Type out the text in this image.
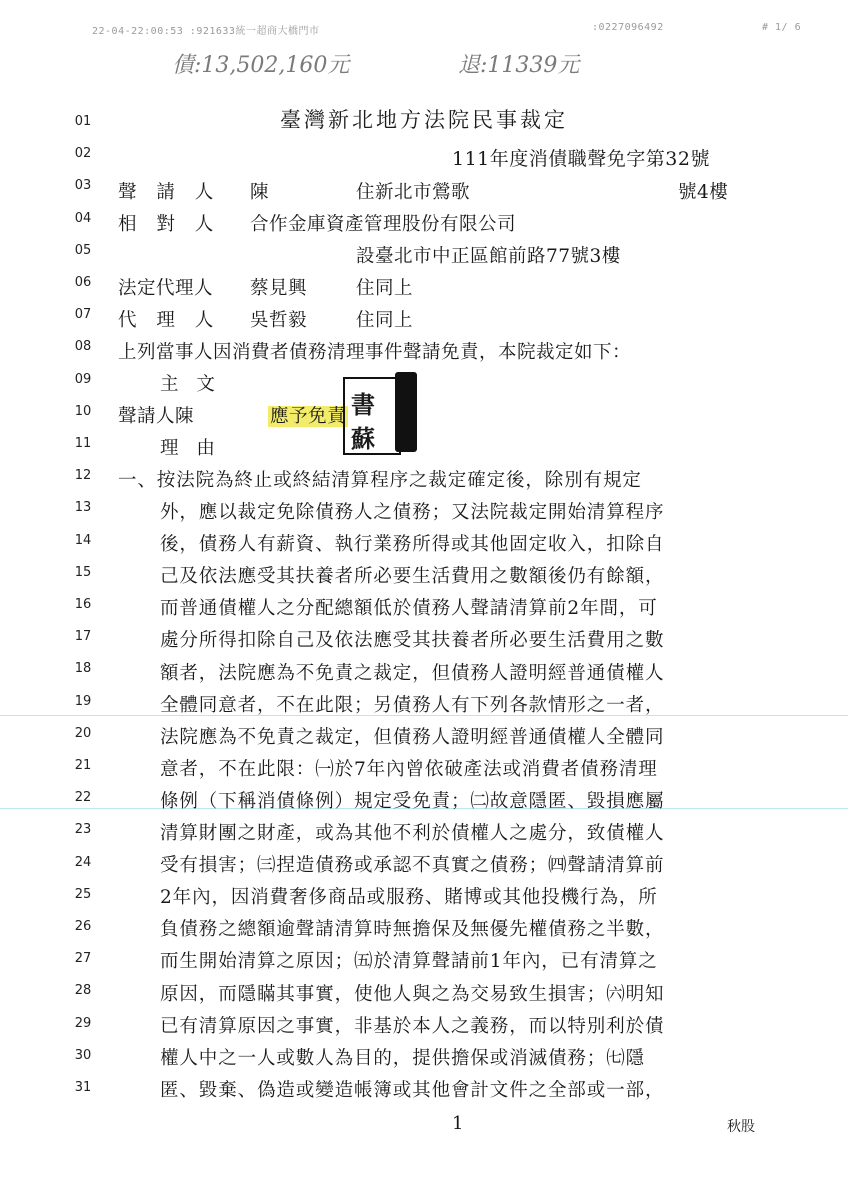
22-04-22:00:53 :921633統一超商大橋門市	:0227096492	# 1/ 6
債:13,502,160元	退:11339元
01
02
03
04
05
06
07
08
09
10
11
12
13
14
15
16
17
18
19
20
21
22
23
24
25
26
27
28
29
30
31
臺灣新北地方法院民事裁定
111年度消債職聲免字第32號
聲 請 人 陳	住新北市鶯歌	號4樓
相 對 人 合作金庫資產管理股份有限公司
設臺北市中正區館前路77號3樓
法定代理人 蔡見興	住同上
代 理 人 吳哲毅	住同上
上列當事人因消費者債務清理事件聲請免責，本院裁定如下：
主 文
聲請人陳	應予免責
理 由
書
蘇
一、按法院為終止或終結清算程序之裁定確定後，除別有規定
外，應以裁定免除債務人之債務；又法院裁定開始清算程序
後，債務人有薪資、執行業務所得或其他固定收入，扣除自
己及依法應受其扶養者所必要生活費用之數額後仍有餘額，
而普通債權人之分配總額低於債務人聲請清算前2年間，可
處分所得扣除自己及依法應受其扶養者所必要生活費用之數
額者，法院應為不免責之裁定，但債務人證明經普通債權人
全體同意者，不在此限；另債務人有下列各款情形之一者，
法院應為不免責之裁定，但債務人證明經普通債權人全體同
意者，不在此限：㈠於7年內曾依破產法或消費者債務清理
條例（下稱消債條例）規定受免責；㈡故意隱匿、毀損應屬
清算財團之財產，或為其他不利於債權人之處分，致債權人
受有損害；㈢捏造債務或承認不真實之債務；㈣聲請清算前
2年內，因消費奢侈商品或服務、賭博或其他投機行為，所
負債務之總額逾聲請清算時無擔保及無優先權債務之半數，
而生開始清算之原因；㈤於清算聲請前1年內，已有清算之
原因，而隱瞞其事實，使他人與之為交易致生損害；㈥明知
已有清算原因之事實，非基於本人之義務，而以特別利於債
權人中之一人或數人為目的，提供擔保或消滅債務；㈦隱
匿、毀棄、偽造或變造帳簿或其他會計文件之全部或一部，
1	秋股
